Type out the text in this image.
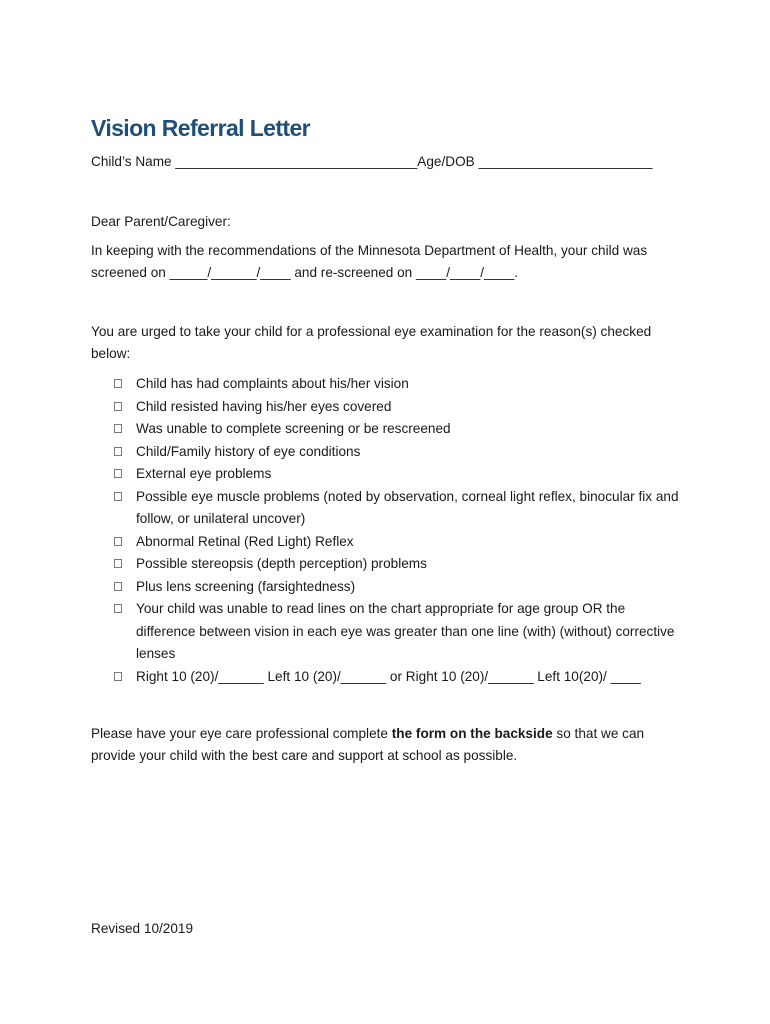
Vision Referral Letter
Child’s Name ________________________________Age/DOB _______________________
Dear Parent/Caregiver:
In keeping with the recommendations of the Minnesota Department of Health, your child was screened on _____/______/____ and re-screened on ____/____/____.
You are urged to take your child for a professional eye examination for the reason(s) checked below:
Child has had complaints about his/her vision
Child resisted having his/her eyes covered
Was unable to complete screening or be rescreened
Child/Family history of eye conditions
External eye problems
Possible eye muscle problems (noted by observation, corneal light reflex, binocular fix and follow, or unilateral uncover)
Abnormal Retinal (Red Light) Reflex
Possible stereopsis (depth perception) problems
Plus lens screening (farsightedness)
Your child was unable to read lines on the chart appropriate for age group OR the difference between vision in each eye was greater than one line (with) (without) corrective lenses
Right 10 (20)/______ Left 10 (20)/______ or Right 10 (20)/______ Left 10(20)/ ____
Please have your eye care professional complete the form on the backside so that we can provide your child with the best care and support at school as possible.
Revised 10/2019
